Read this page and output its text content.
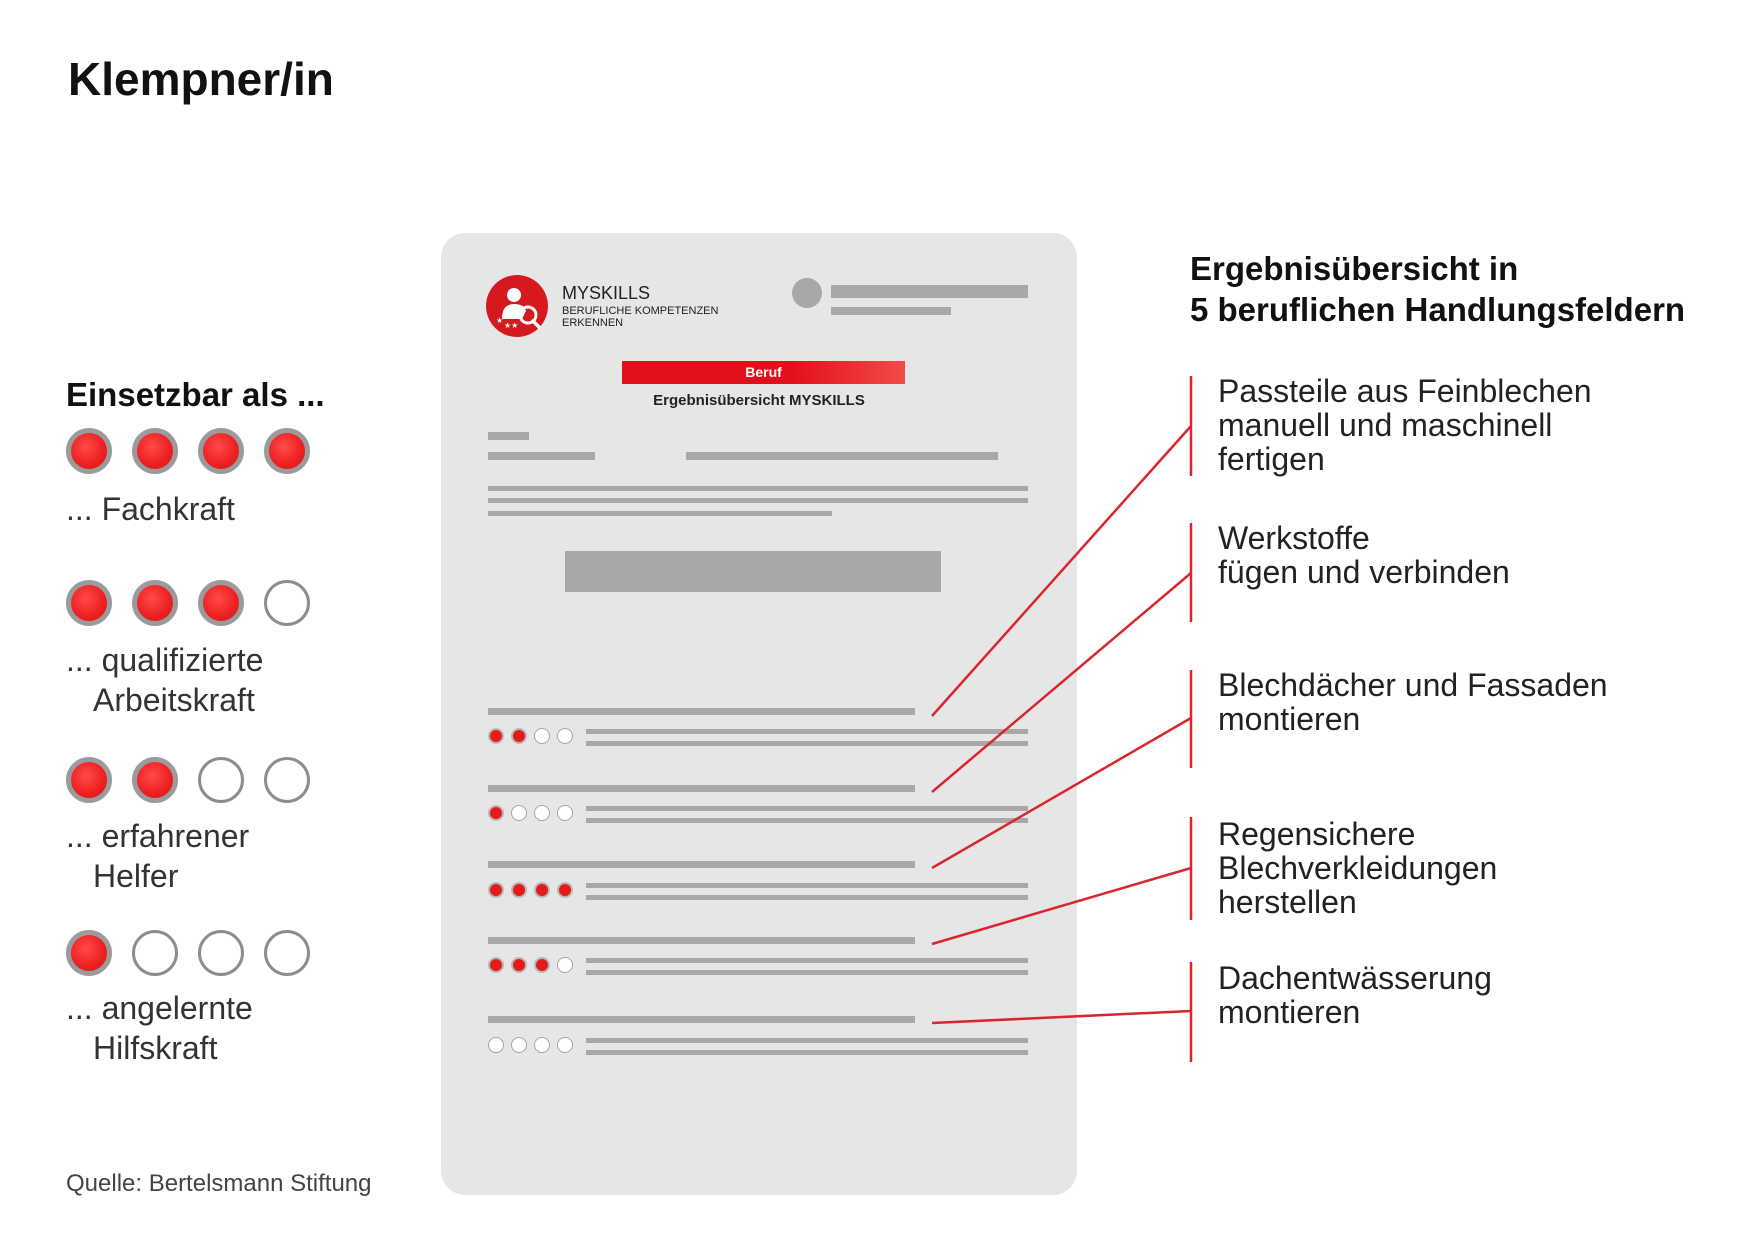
Klempner/in
Einsetzbar als ...
... Fachkraft
... qualifizierte
Arbeitskraft
... erfahrener
Helfer
... angelernte
Hilfskraft
Quelle: Bertelsmann Stiftung
★
★★
MYSKILLS
BERUFLICHE KOMPETENZEN
ERKENNEN
Beruf
Ergebnisübersicht MYSKILLS
Ergebnisübersicht in
5 beruflichen Handlungsfeldern
Passteile aus Feinblechen
manuell und maschinell
fertigen
Werkstoffe
fügen und verbinden
Blechdächer und Fassaden
montieren
Regensichere
Blechverkleidungen
herstellen
Dachentwässerung
montieren
